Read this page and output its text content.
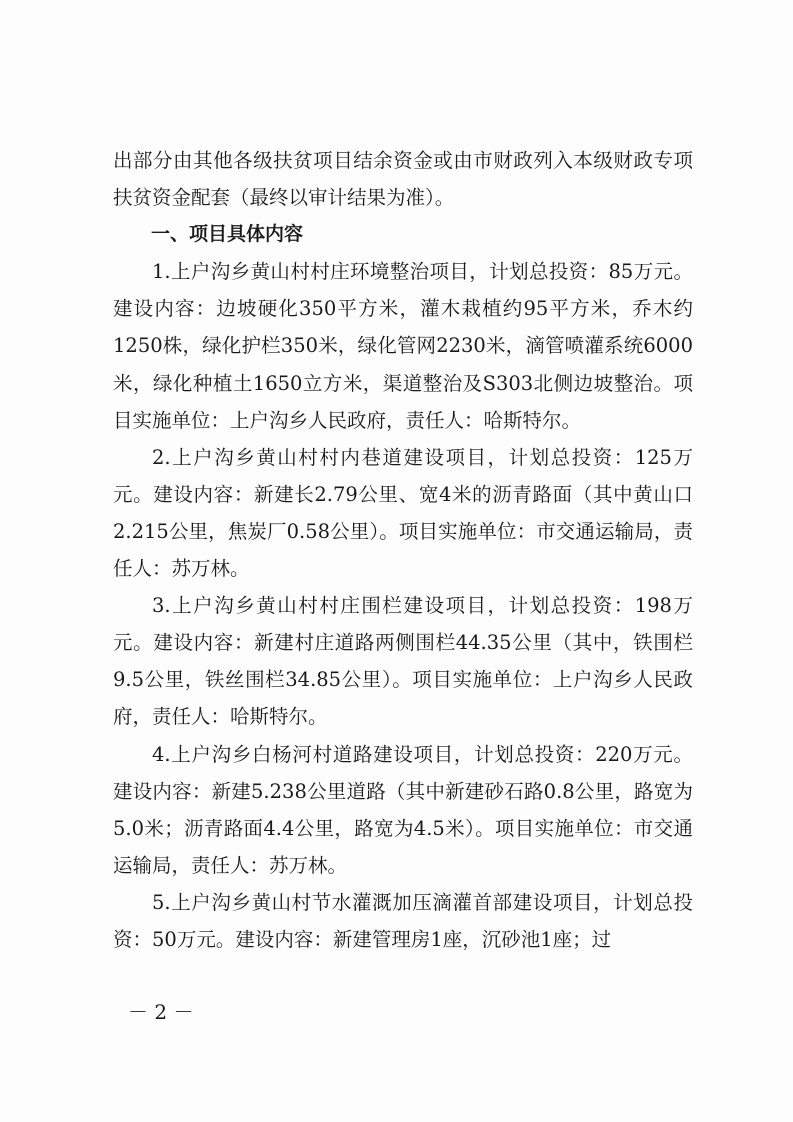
出部分由其他各级扶贫项目结余资金或由市财政列入本级财政专项扶贫资金配套（最终以审计结果为准）。

一、项目具体内容

1.上户沟乡黄山村村庄环境整治项目，计划总投资：85万元。建设内容：边坡硬化350平方米，灌木栽植约95平方米，乔木约1250株，绿化护栏350米，绿化管网2230米，滴管喷灌系统6000米，绿化种植土1650立方米，渠道整治及S303北侧边坡整治。项目实施单位：上户沟乡人民政府，责任人：哈斯特尔。

2.上户沟乡黄山村村内巷道建设项目，计划总投资：125万元。建设内容：新建长2.79公里、宽4米的沥青路面（其中黄山口2.215公里，焦炭厂0.58公里）。项目实施单位：市交通运输局，责任人：苏万林。

3.上户沟乡黄山村村庄围栏建设项目，计划总投资：198万元。建设内容：新建村庄道路两侧围栏44.35公里（其中，铁围栏9.5公里，铁丝围栏34.85公里）。项目实施单位：上户沟乡人民政府，责任人：哈斯特尔。

4.上户沟乡白杨河村道路建设项目，计划总投资：220万元。建设内容：新建5.238公里道路（其中新建砂石路0.8公里，路宽为5.0米；沥青路面4.4公里，路宽为4.5米）。项目实施单位：市交通运输局，责任人：苏万林。

5.上户沟乡黄山村节水灌溉加压滴灌首部建设项目，计划总投资：50万元。建设内容：新建管理房1座，沉砂池1座；过

－ 2 －
